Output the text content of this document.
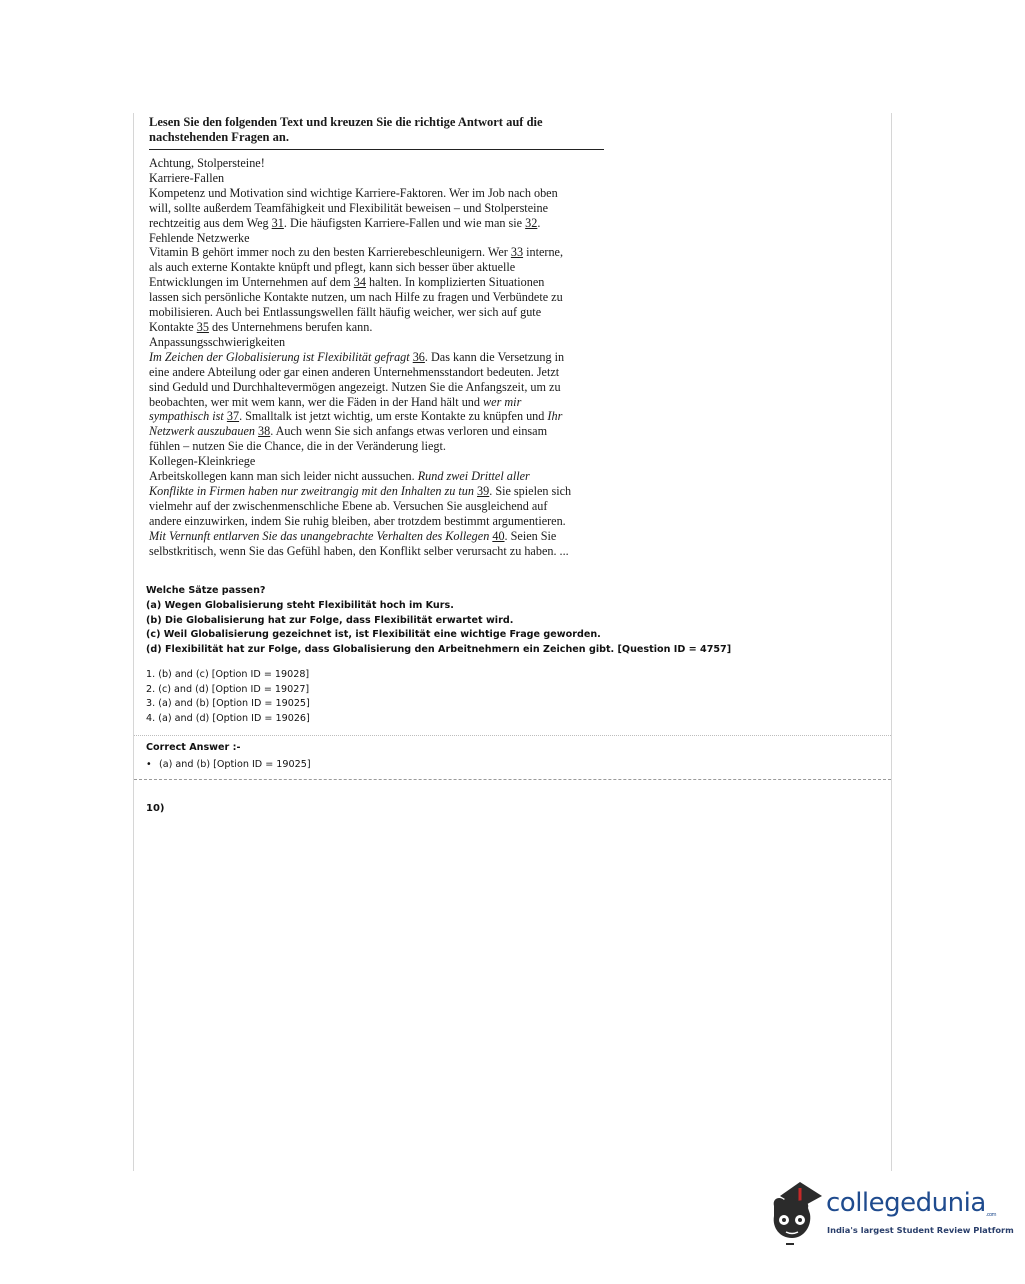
Lesen Sie den folgenden Text und kreuzen Sie die richtige Antwort auf die
nachstehenden Fragen an.

Achtung, Stolpersteine!

Karriere-Fallen

Kompetenz und Motivation sind wichtige Karriere-Faktoren. Wer im Job nach oben

will, sollte außerdem Teamfähigkeit und Flexibilität beweisen – und Stolpersteine

rechtzeitig aus dem Weg 31. Die häufigsten Karriere-Fallen und wie man sie 32.

Fehlende Netzwerke

Vitamin B gehört immer noch zu den besten Karrierebeschleunigern. Wer 33 interne,

als auch externe Kontakte knüpft und pflegt, kann sich besser über aktuelle

Entwicklungen im Unternehmen auf dem 34 halten. In komplizierten Situationen

lassen sich persönliche Kontakte nutzen, um nach Hilfe zu fragen und Verbündete zu

mobilisieren. Auch bei Entlassungswellen fällt häufig weicher, wer sich auf gute

Kontakte 35 des Unternehmens berufen kann.

Anpassungsschwierigkeiten

Im Zeichen der Globalisierung ist Flexibilität gefragt 36. Das kann die Versetzung in

eine andere Abteilung oder gar einen anderen Unternehmensstandort bedeuten. Jetzt

sind Geduld und Durchhaltevermögen angezeigt. Nutzen Sie die Anfangszeit, um zu

beobachten, wer mit wem kann, wer die Fäden in der Hand hält und wer mir

sympathisch ist 37. Smalltalk ist jetzt wichtig, um erste Kontakte zu knüpfen und Ihr

Netzwerk auszubauen 38. Auch wenn Sie sich anfangs etwas verloren und einsam

fühlen – nutzen Sie die Chance, die in der Veränderung liegt.

Kollegen-Kleinkriege

Arbeitskollegen kann man sich leider nicht aussuchen. Rund zwei Drittel aller

Konflikte in Firmen haben nur zweitrangig mit den Inhalten zu tun 39. Sie spielen sich

vielmehr auf der zwischenmenschliche Ebene ab. Versuchen Sie ausgleichend auf

andere einzuwirken, indem Sie ruhig bleiben, aber trotzdem bestimmt argumentieren.

Mit Vernunft entlarven Sie das unangebrachte Verhalten des Kollegen 40. Seien Sie

selbstkritisch, wenn Sie das Gefühl haben, den Konflikt selber verursacht zu haben. ...

Welche Sätze passen?
(a) Wegen Globalisierung steht Flexibilität hoch im Kurs.
(b) Die Globalisierung hat zur Folge, dass Flexibilität erwartet wird.
(c) Weil Globalisierung gezeichnet ist, ist Flexibilität eine wichtige Frage geworden.
(d) Flexibilität hat zur Folge, dass Globalisierung den Arbeitnehmern ein Zeichen gibt. [Question ID = 4757]
1. (b) and (c) [Option ID = 19028]
2. (c) and (d) [Option ID = 19027]
3. (a) and (b) [Option ID = 19025]
4. (a) and (d) [Option ID = 19026]
Correct Answer :-
• (a) and (b) [Option ID = 19025]
10)
collegedunia$^{.com}$
India's largest Student Review Platform
